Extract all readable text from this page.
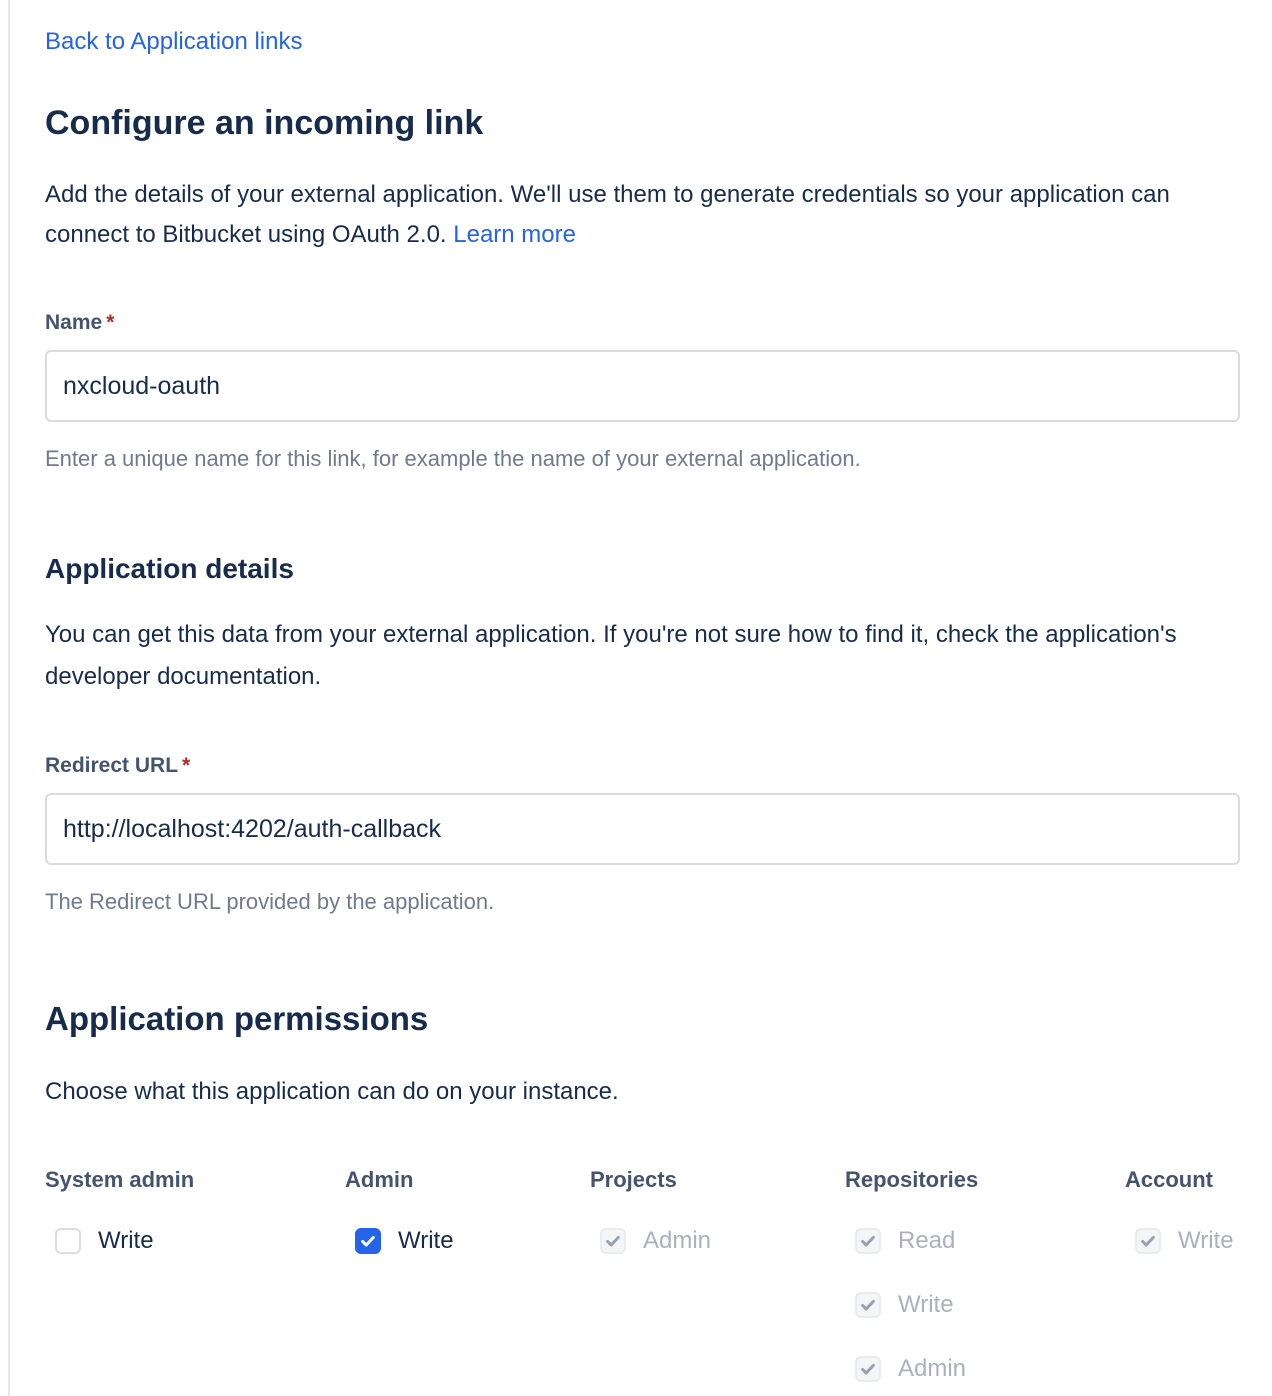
Back to Application links
Configure an incoming link
Add the details of your external application. We'll use them to generate credentials so your application can connect to Bitbucket using OAuth 2.0. Learn more
Name *
nxcloud-oauth
Enter a unique name for this link, for example the name of your external application.
Application details
You can get this data from your external application. If you're not sure how to find it, check the application's developer documentation.
Redirect URL *
http://localhost:4202/auth-callback
The Redirect URL provided by the application.
Application permissions
Choose what this application can do on your instance.
System admin
Write
Admin
Write
Projects
Admin
Repositories
Read
Write
Admin
Account
Write
